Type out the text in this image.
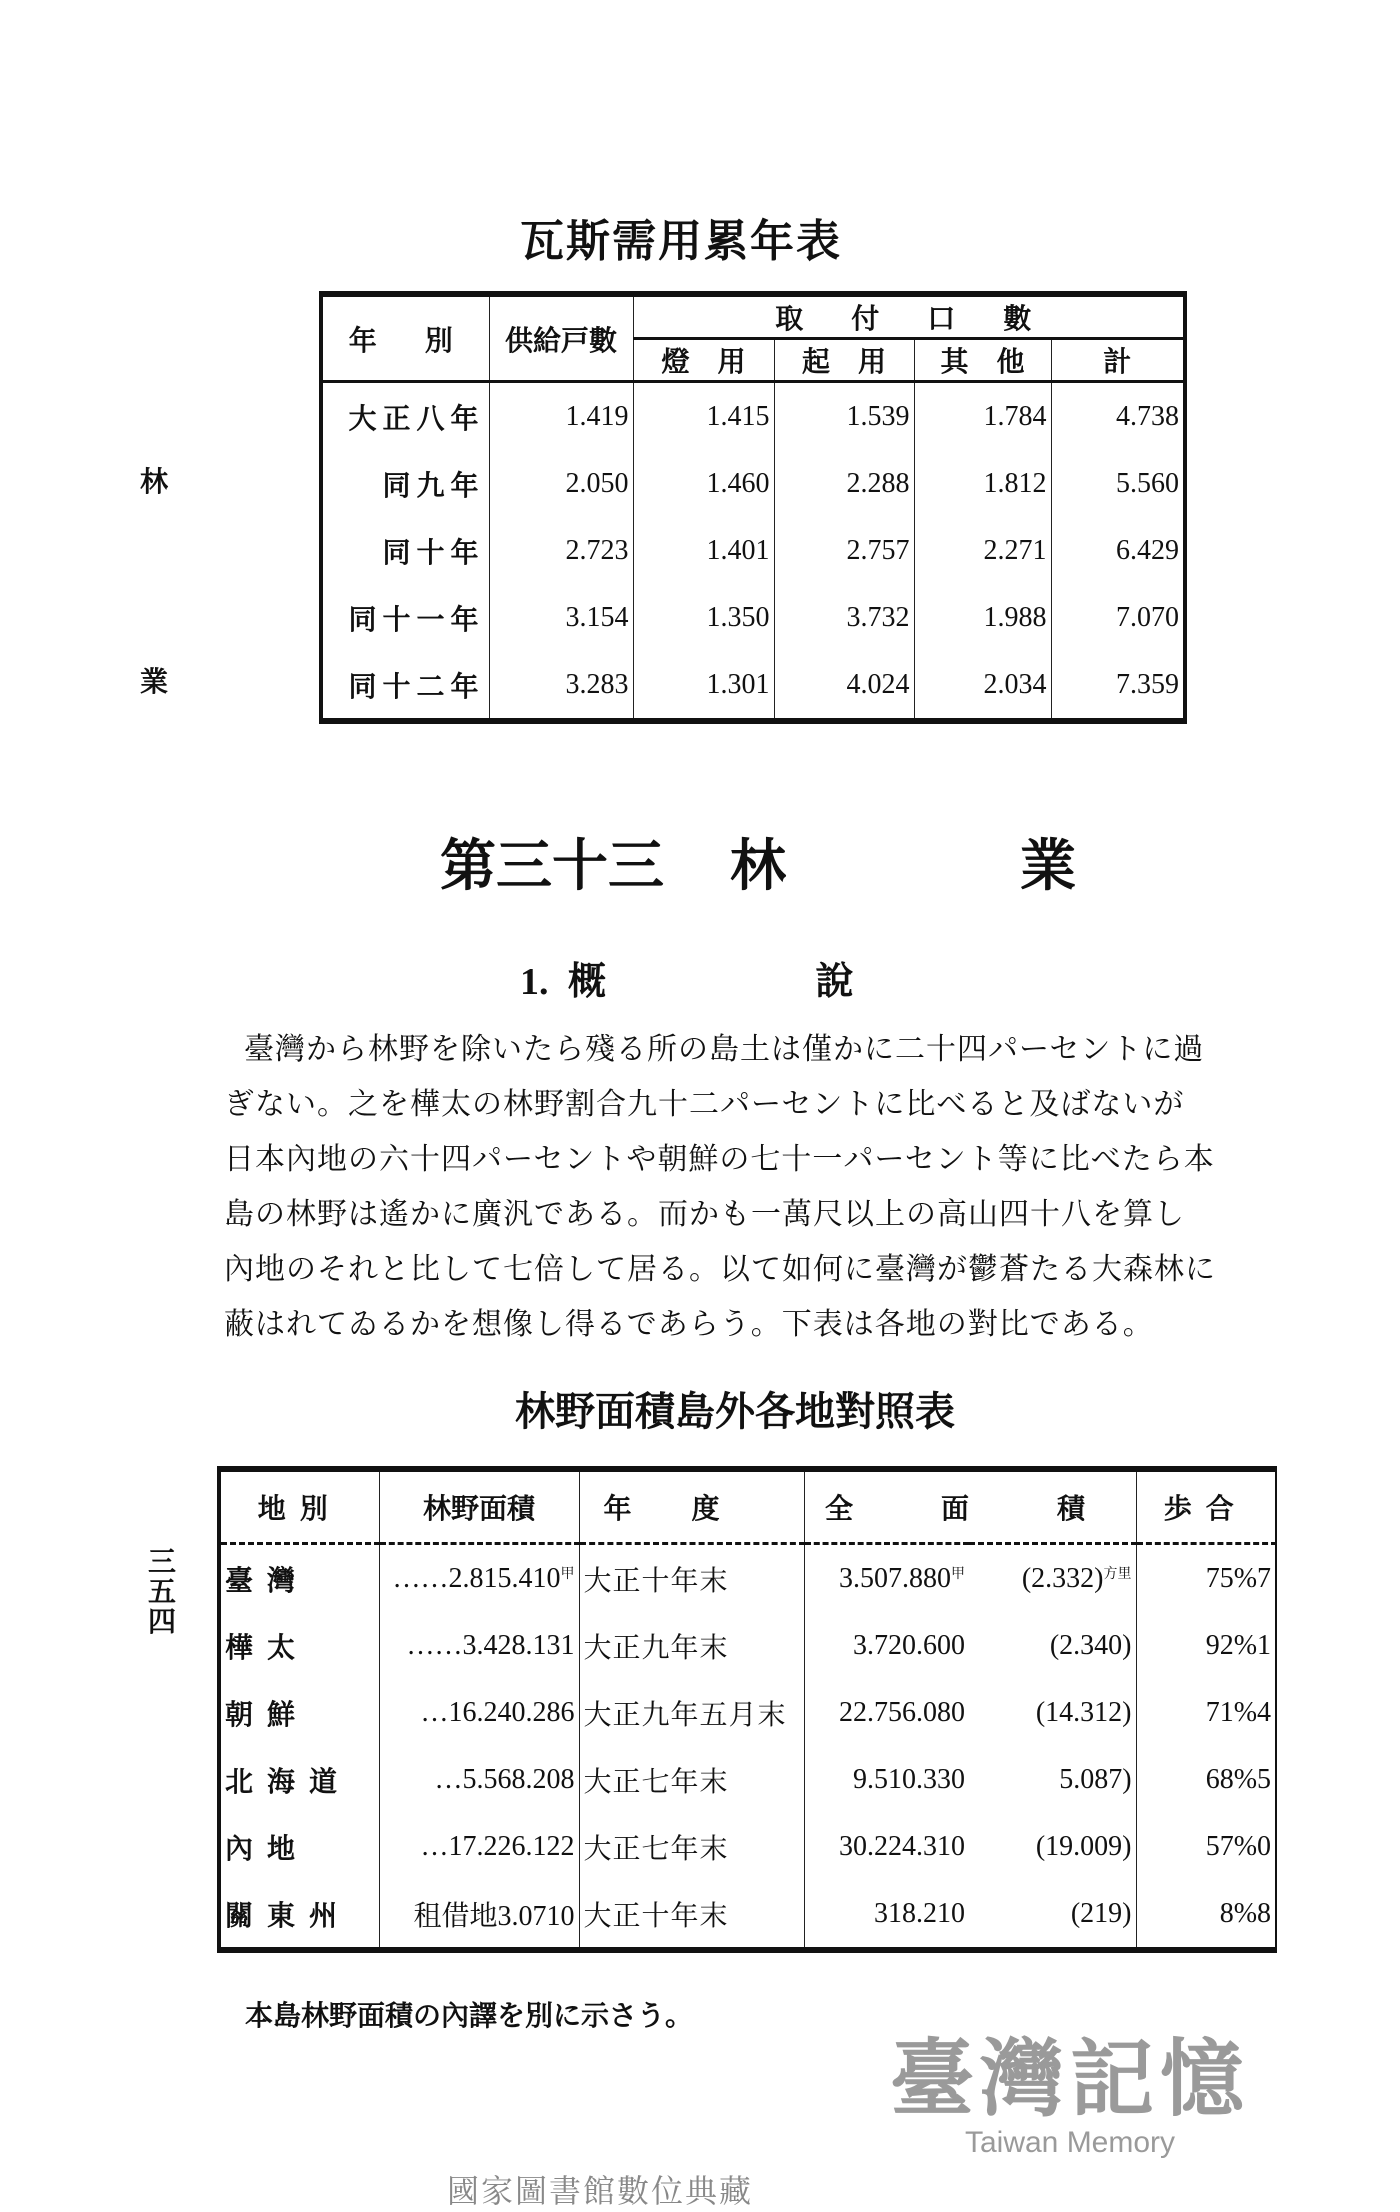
瓦斯需用累年表
林
業
年　別	供給戸數	取　付　口　數			
		燈　用	起　用	其　他	計
大正八年	1.419	1.415	1.539	1.784	4.738
同九年	2.050	1.460	2.288	1.812	5.560
同十年	2.723	1.401	2.757	2.271	6.429
同十一年	3.154	1.350	3.732	1.988	7.070
同十二年	3.283	1.301	4.024	2.034	7.359
第三十三 林	業
1. 概	說
臺灣から林野を除いたら殘る所の島土は僅かに二十四パーセントに過
ぎない。之を樺太の林野割合九十二パーセントに比べると及ばないが
日本內地の六十四パーセントや朝鮮の七十一パーセント等に比べたら本
島の林野は遙かに廣汎である。而かも一萬尺以上の高山四十八を算し
內地のそれと比して七倍して居る。以て如何に臺灣が鬱蒼たる大森林に
蔽はれてゐるかを想像し得るであらう。下表は各地の對比である。
林野面積島外各地對照表
三五四
地別	林野面積	年度	全　面　積		歩合
臺灣	$\dots\dots 2.815.410^甲$	大正十年末	$3.507.880^甲$	$(2.332)^{方里}$	75%7
樺太	……3.428.131	大正九年末	3.720.600	(2.340)	92%1
朝鮮	…16.240.286	大正九年五月末	22.756.080	(14.312)	71%4
北海道	…5.568.208	大正七年末	9.510.330	5.087)	68%5
內地	…17.226.122	大正七年末	30.224.310	(19.009)	57%0
關東州	租借地3.0710	大正十年末	318.210	(219)	8%8
本島林野面積の內譯を別に示さう。
臺灣記憶
Taiwan Memory
國家圖書館數位典藏
